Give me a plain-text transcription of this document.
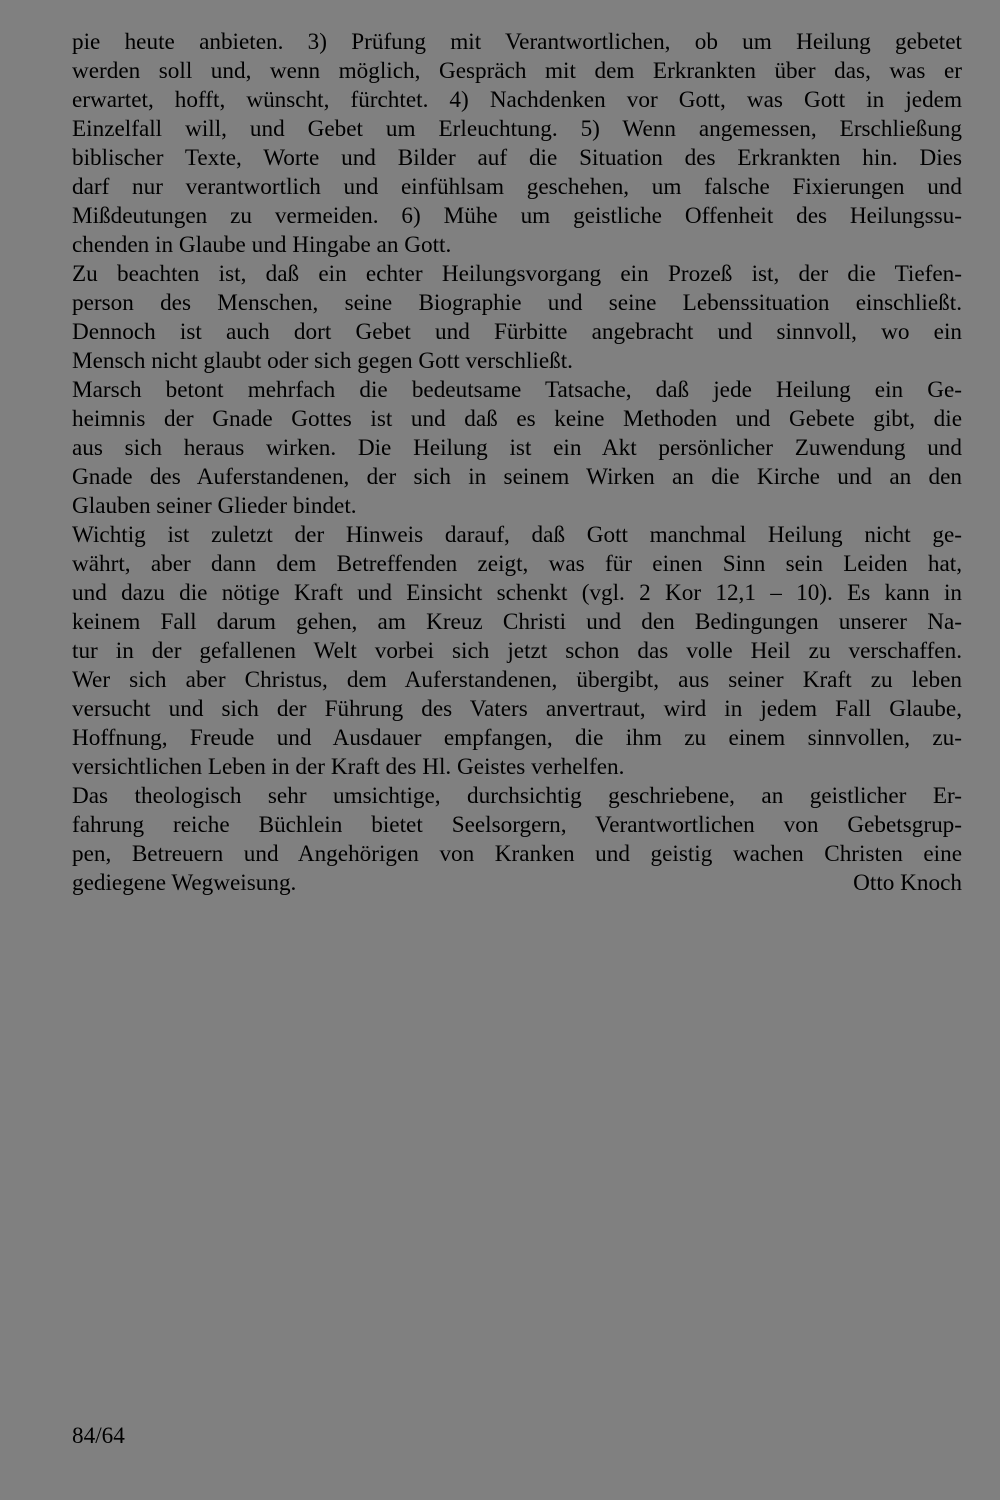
pie heute anbieten. 3) Prüfung mit Verantwortlichen, ob um Heilung gebetet
werden soll und, wenn möglich, Gespräch mit dem Erkrankten über das, was er
erwartet, hofft, wünscht, fürchtet. 4) Nachdenken vor Gott, was Gott in jedem
Einzelfall will, und Gebet um Erleuchtung. 5) Wenn angemessen, Erschließung
biblischer Texte, Worte und Bilder auf die Situation des Erkrankten hin. Dies
darf nur verantwortlich und einfühlsam geschehen, um falsche Fixierungen und
Mißdeutungen zu vermeiden. 6) Mühe um geistliche Offenheit des Heilungssu-
chenden in Glaube und Hingabe an Gott.
Zu beachten ist, daß ein echter Heilungsvorgang ein Prozeß ist, der die Tiefen-
person des Menschen, seine Biographie und seine Lebenssituation einschließt.
Dennoch ist auch dort Gebet und Fürbitte angebracht und sinnvoll, wo ein
Mensch nicht glaubt oder sich gegen Gott verschließt.
Marsch betont mehrfach die bedeutsame Tatsache, daß jede Heilung ein Ge-
heimnis der Gnade Gottes ist und daß es keine Methoden und Gebete gibt, die
aus sich heraus wirken. Die Heilung ist ein Akt persönlicher Zuwendung und
Gnade des Auferstandenen, der sich in seinem Wirken an die Kirche und an den
Glauben seiner Glieder bindet.
Wichtig ist zuletzt der Hinweis darauf, daß Gott manchmal Heilung nicht ge-
währt, aber dann dem Betreffenden zeigt, was für einen Sinn sein Leiden hat,
und dazu die nötige Kraft und Einsicht schenkt (vgl. 2 Kor 12,1 – 10). Es kann in
keinem Fall darum gehen, am Kreuz Christi und den Bedingungen unserer Na-
tur in der gefallenen Welt vorbei sich jetzt schon das volle Heil zu verschaffen.
Wer sich aber Christus, dem Auferstandenen, übergibt, aus seiner Kraft zu leben
versucht und sich der Führung des Vaters anvertraut, wird in jedem Fall Glaube,
Hoffnung, Freude und Ausdauer empfangen, die ihm zu einem sinnvollen, zu-
versichtlichen Leben in der Kraft des Hl. Geistes verhelfen.
Das theologisch sehr umsichtige, durchsichtig geschriebene, an geistlicher Er-
fahrung reiche Büchlein bietet Seelsorgern, Verantwortlichen von Gebetsgrup-
pen, Betreuern und Angehörigen von Kranken und geistig wachen Christen eine
gediegene Wegweisung.	Otto Knoch
84/64
